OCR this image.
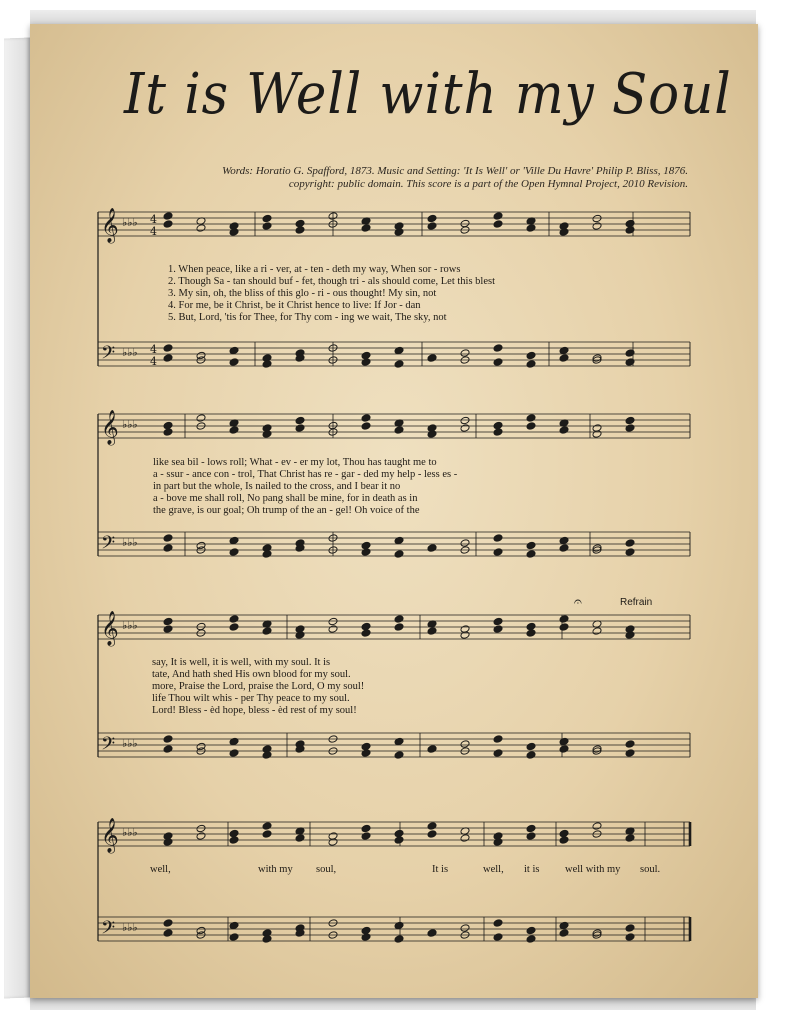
It is Well with my Soul
Words: Horatio G. Spafford, 1873. Music and Setting: 'It Is Well' or 'Ville Du Havre' Philip P. Bliss, 1876.
copyright: public domain. This score is a part of the Open Hymnal Project, 2010 Revision.
𝄞
𝄢
♭♭♭
♭♭♭
𝄞
𝄢
♭♭♭
♭♭♭
𝄞
𝄢
♭♭♭
♭♭♭
𝄞
𝄢
♭♭♭
♭♭♭
4
4
4
4
𝄐
1. When peace, like a ri - ver, at - ten - deth my way, When sor - rows
2. Though Sa - tan should buf - fet, though tri - als should come, Let this blest
3. My sin, oh, the bliss of this glo - ri - ous thought! My sin, not
4. For me, be it Christ, be it Christ hence to live: If Jor - dan
5. But, Lord, 'tis for Thee, for Thy com - ing we wait, The sky, not
like sea bil - lows roll; What - ev - er my lot, Thou has taught me to
a - ssur - ance con - trol, That Christ has re - gar - ded my help - less es -
in part but the whole, Is nailed to the cross, and I bear it no
a - bove me shall roll, No pang shall be mine, for in death as in
the grave, is our goal; Oh trump of the an - gel! Oh voice of the
Refrain
say, It is well, it is well, with my soul. It is
tate, And hath shed His own blood for my soul.
more, Praise the Lord, praise the Lord, O my soul!
life Thou wilt whis - per Thy peace to my soul.
Lord! Bless - èd hope, bless - èd rest of my soul!
well,	with my soul,	It is	well, it is well with my soul.
